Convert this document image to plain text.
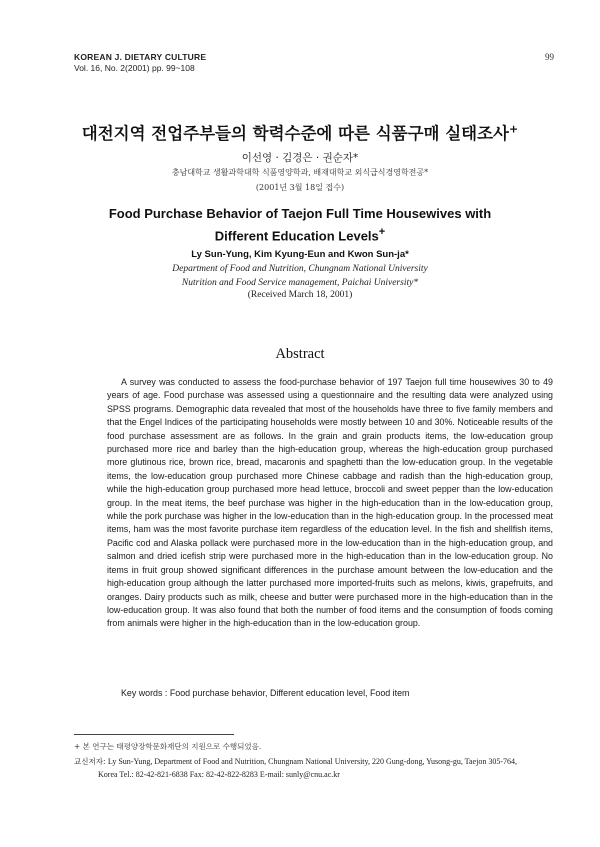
KOREAN J. DIETARY CULTURE
Vol. 16, No. 2(2001) pp. 99~108
99
대전지역 전업주부들의 학력수준에 따른 식품구매 실태조사+
이선영 · 김경은 · 권순자*
충남대학교 생활과학대학 식품영양학과, 배재대학교 외식급식경영학전공*
(2001년 3월 18일 접수)
Food Purchase Behavior of Taejon Full Time Housewives with
Different Education Levels+
Ly Sun-Yung, Kim Kyung-Eun and Kwon Sun-ja*
Department of Food and Nutrition, Chungnam National University
Nutrition and Food Service management, Paichai University*
(Received March 18, 2001)
Abstract
A survey was conducted to assess the food-purchase behavior of 197 Taejon full time housewives 30 to 49 years of age. Food purchase was assessed using a questionnaire and the resulting data were analyzed using SPSS programs. Demographic data revealed that most of the households have three to five family members and that the Engel Indices of the participating households were mostly between 10 and 30%. Noticeable results of the food purchase assessment are as follows. In the grain and grain products items, the low-education group purchased more rice and barley than the high-education group, whereas the high-education group purchased more glutinous rice, brown rice, bread, macaronis and spaghetti than the low-education group. In the vegetable items, the low-education group purchased more Chinese cabbage and radish than the high-education group, while the high-education group purchased more head lettuce, broccoli and sweet pepper than the low-education group. In the meat items, the beef purchase was higher in the high-education than in the low-education group, while the pork purchase was higher in the low-education than in the high-education group. In the processed meat items, ham was the most favorite purchase item regardless of the education level. In the fish and shellfish items, Pacific cod and Alaska pollack were purchased more in the low-education than in the high-education group, and salmon and dried icefish strip were purchased more in the high-education than in the low-education group. No items in fruit group showed significant differences in the purchase amount between the low-education and the high-education group although the latter purchased more imported-fruits such as melons, kiwis, grapefruits, and oranges. Dairy products such as milk, cheese and butter were purchased more in the high-education than in the low-education group. It was also found that both the number of food items and the consumption of foods coming from animals were higher in the high-education than in the low-education group.
Key words : Food purchase behavior, Different education level, Food item
+ 본 연구는 태평양장학문화재단의 지원으로 수행되었음.
교신저자: Ly Sun-Yung, Department of Food and Nutrition, Chungnam National University, 220 Gung-dong, Yusong-gu, Taejon 305-764,
Korea Tel.: 82-42-821-6838 Fax: 82-42-822-8283 E-mail: sunly@cnu.ac.kr
